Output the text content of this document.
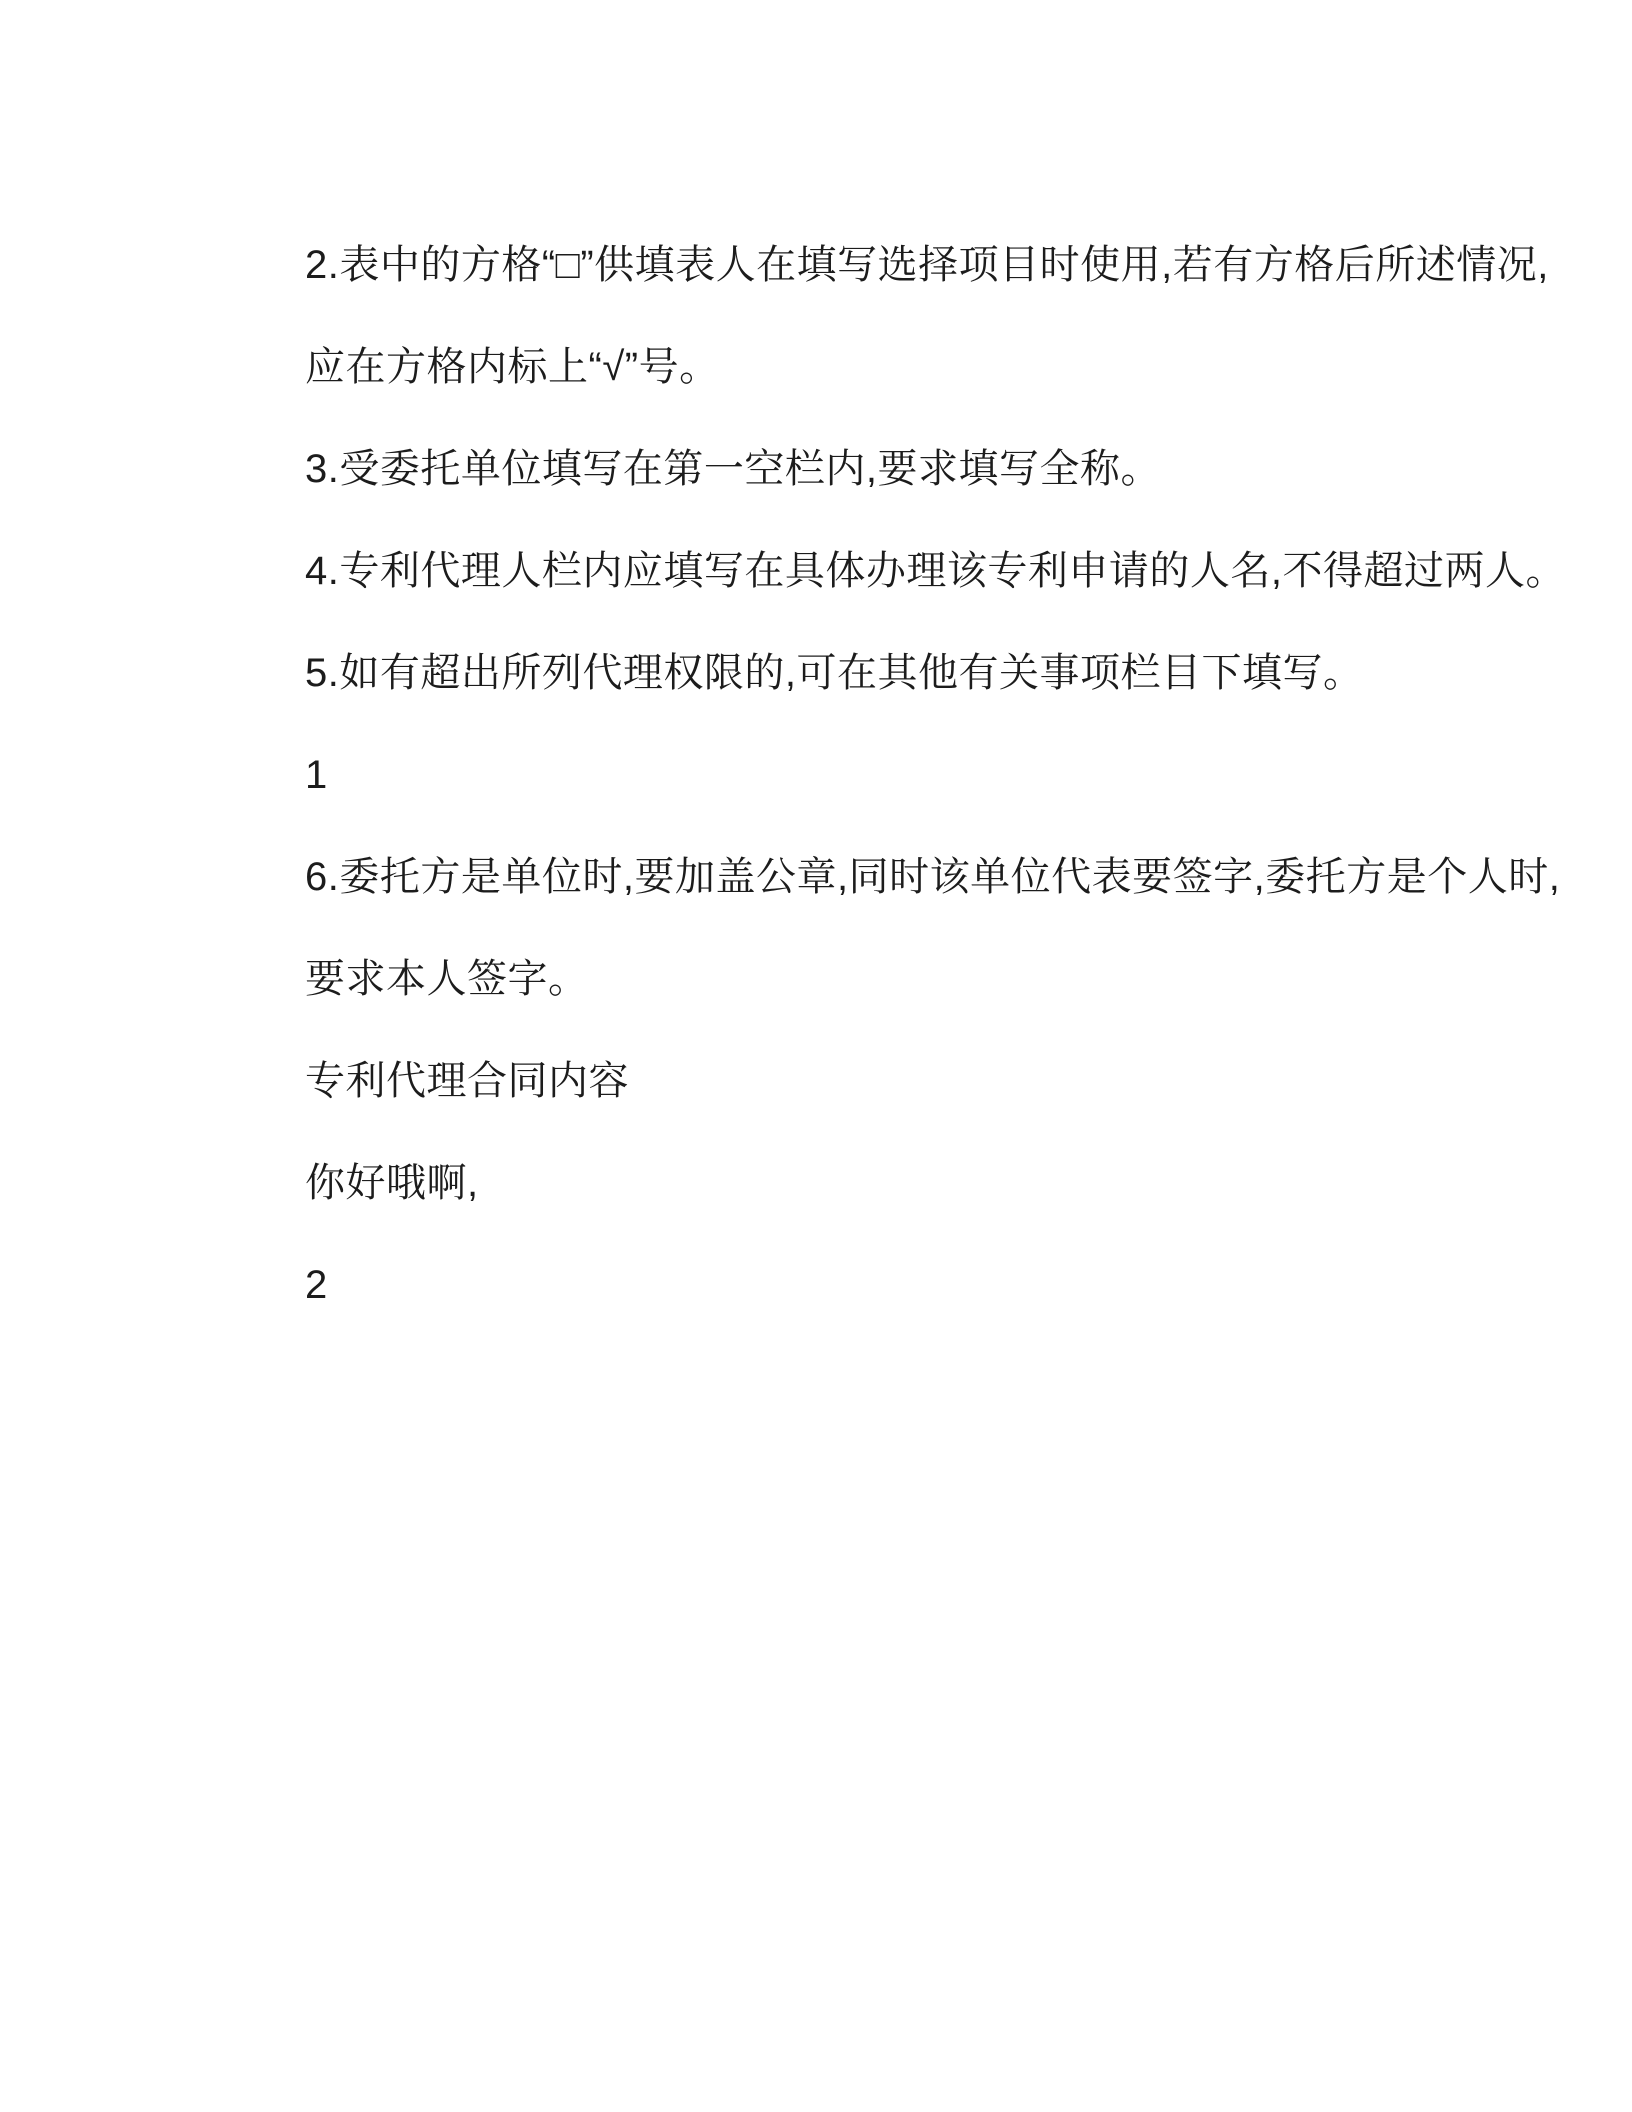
2.表中的方格“□”供填表人在填写选择项目时使用,若有方格后所述情况,

应在方格内标上“√”号。

3.受委托单位填写在第一空栏内,要求填写全称。

4.专利代理人栏内应填写在具体办理该专利申请的人名,不得超过两人。

5.如有超出所列代理权限的,可在其他有关事项栏目下填写。

1

6.委托方是单位时,要加盖公章,同时该单位代表要签字,委托方是个人时,

要求本人签字。

专利代理合同内容

你好哦啊,

2
